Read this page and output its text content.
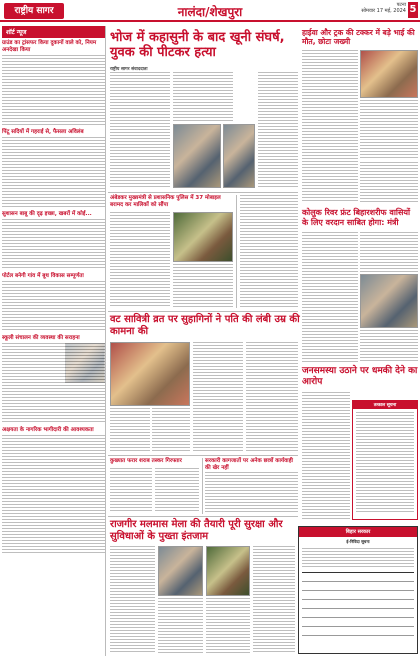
राष्ट्रीय सागर	नालंदा/शेखपुरा	पटना
सोमवार 17 मई, 2024 5
शॉर्ट न्यूज
ग्राउंड का ट्रांसफर किया दुकानों वाले को, नियम अनदेखा किया
पिंटू सदियों में गहराई से, फैसला अविलंब
सुशासन बाबू की दृढ़ इच्छा, खबरों में कोई...
पोर्टल बनेगी गांव में बूथ विकास सम्पूर्णता
स्कूली संचालन की व्यवस्था की सराहना
अक्षयता के नागरिक भागीदारी की आवश्यकता
भोज में कहासुनी के बाद खूनी संघर्ष, युवक की पीटकर हत्या
राष्ट्रीय सागर संवाददाता
हाईवा और ट्रक की टक्कर में बड़े भाई की मौत, छोटा जख्मी
अंबेडकर मुख्यमंत्री से प्रशासनिक पुलिस में 37 मोबाइल बरामद कर मालिकों को सौंपा
कोलुक रिवर फ्रंट बिहारशरीफ वासियों के लिए वरदान साबित होगा: मंत्री
वट सावित्री व्रत पर सुहागिनों ने पति की लंबी उम्र की कामना की
जनसमस्या उठाने पर धमकी देने का आरोप
तत्काल सूचना
कुख्यात फरार शराब तस्कर गिरफ्तार	सरकारी कागजातों पर अनेक छात्रों कार्यवाही की खेर नहीं
राजगीर मलमास मेला की तैयारी पूरी सुरक्षा और सुविधाओं के पुख्ता इंतजाम	बिहार सरकार
ई-निविदा सूचना
